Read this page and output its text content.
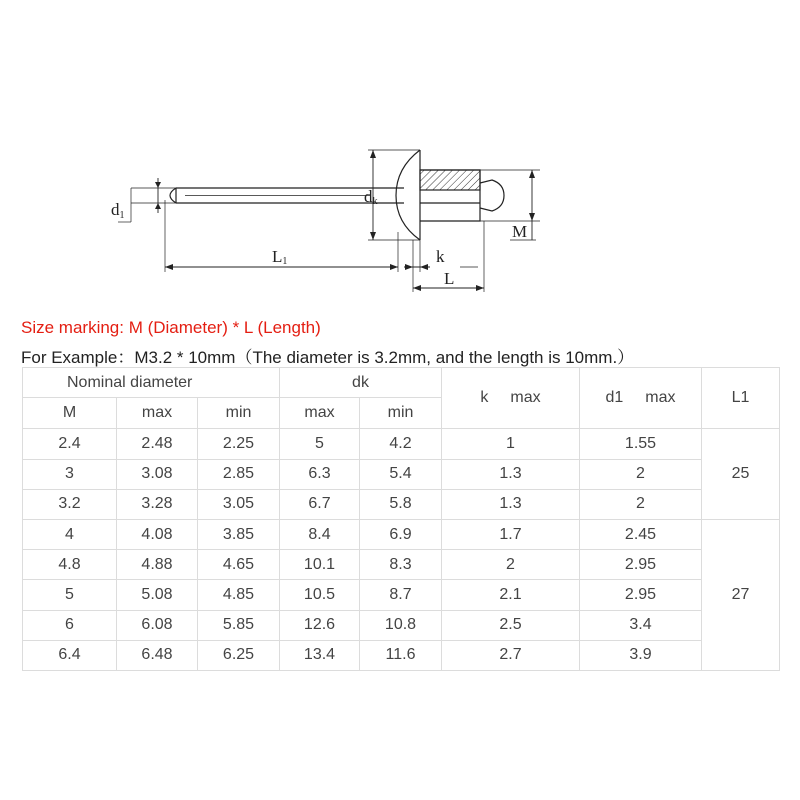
d1
dk
L1	k
L
M
Size marking: M (Diameter) * L (Length)
For Example：M3.2 * 10mm（The diameter is 3.2mm, and the length is 10mm.）
Nominal diameter			dk		k max	d1 max	L1
M	max	min	max	min			
2.4	2.48	2.25	5	4.2	1	1.55	25
3	3.08	2.85	6.3	5.4	1.3	2	
3.2	3.28	3.05	6.7	5.8	1.3	2	
4	4.08	3.85	8.4	6.9	1.7	2.45	27
4.8	4.88	4.65	10.1	8.3	2	2.95	
5	5.08	4.85	10.5	8.7	2.1	2.95	
6	6.08	5.85	12.6	10.8	2.5	3.4	
6.4	6.48	6.25	13.4	11.6	2.7	3.9	
